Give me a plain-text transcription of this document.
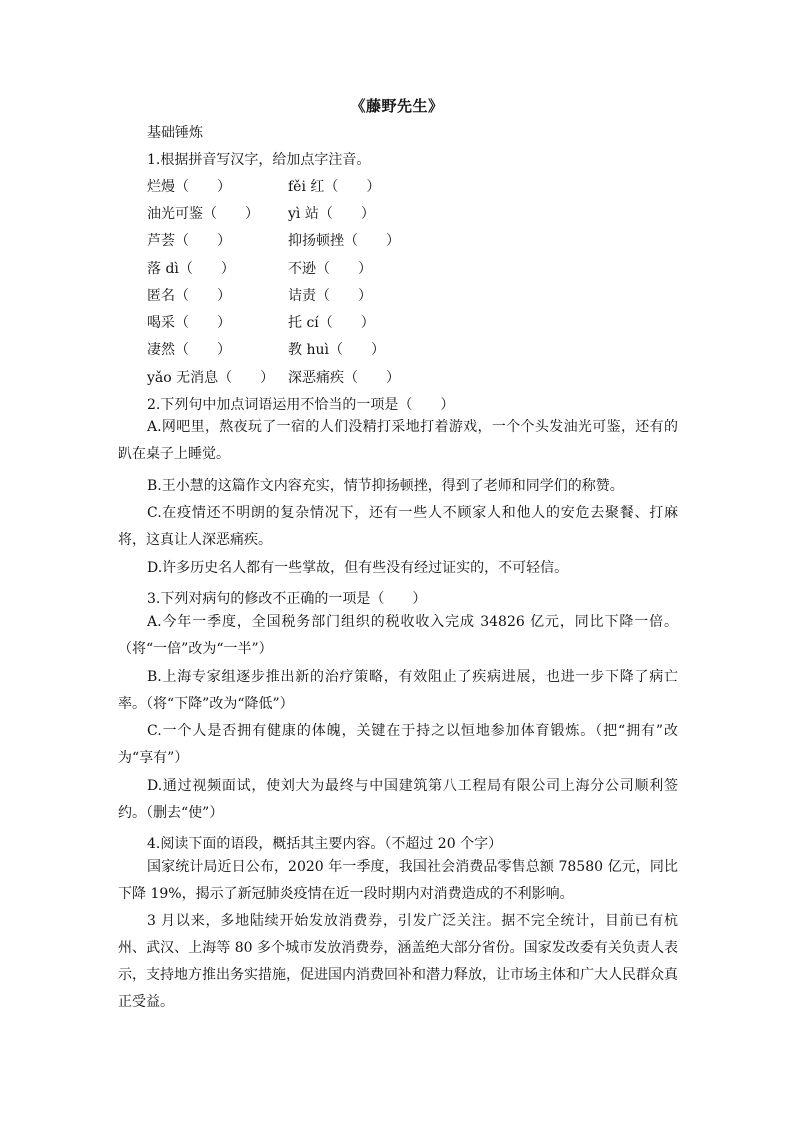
《藤野先生》
基础锤炼
1.根据拼音写汉字，给加点字注音。
烂熳（　　）	fěi 红（　　）
油光可鉴（　　） yì 站（　　）
芦荟（　　）	抑扬顿挫（　　）
落 dì（　　）	不逊（　　）
匿名（　　）	诘责（　　）
喝采（　　）	托 cí（　　）
凄然（　　）	教 huì（　　）
yǎo 无消息（　　） 深恶痛疾（　　）
2.下列句中加点词语运用不恰当的一项是（　　）
A.网吧里，熬夜玩了一宿的人们没精打采地打着游戏，一个个头发油光可鉴，还有的趴在桌子上睡觉。
B.王小慧的这篇作文内容充实，情节抑扬顿挫，得到了老师和同学们的称赞。
C.在疫情还不明朗的复杂情况下，还有一些人不顾家人和他人的安危去聚餐、打麻将，这真让人深恶痛疾。
D.许多历史名人都有一些掌故，但有些没有经过证实的，不可轻信。
3.下列对病句的修改不正确的一项是（　　）
A.今年一季度，全国税务部门组织的税收收入完成 34826 亿元，同比下降一倍。（将“一倍”改为“一半”）
B.上海专家组逐步推出新的治疗策略，有效阻止了疾病进展，也进一步下降了病亡率。（将“下降”改为“降低”）
C.一个人是否拥有健康的体魄，关键在于持之以恒地参加体育锻炼。（把“拥有”改为“享有”）
D.通过视频面试，使刘大为最终与中国建筑第八工程局有限公司上海分公司顺利签约。（删去“使”）
4.阅读下面的语段，概括其主要内容。（不超过 20 个字）
国家统计局近日公布，2020 年一季度，我国社会消费品零售总额 78580 亿元，同比下降 19%，揭示了新冠肺炎疫情在近一段时期内对消费造成的不利影响。
3 月以来，多地陆续开始发放消费券，引发广泛关注。据不完全统计，目前已有杭州、武汉、上海等 80 多个城市发放消费券，涵盖绝大部分省份。国家发改委有关负责人表示，支持地方推出务实措施，促进国内消费回补和潜力释放，让市场主体和广大人民群众真正受益。
